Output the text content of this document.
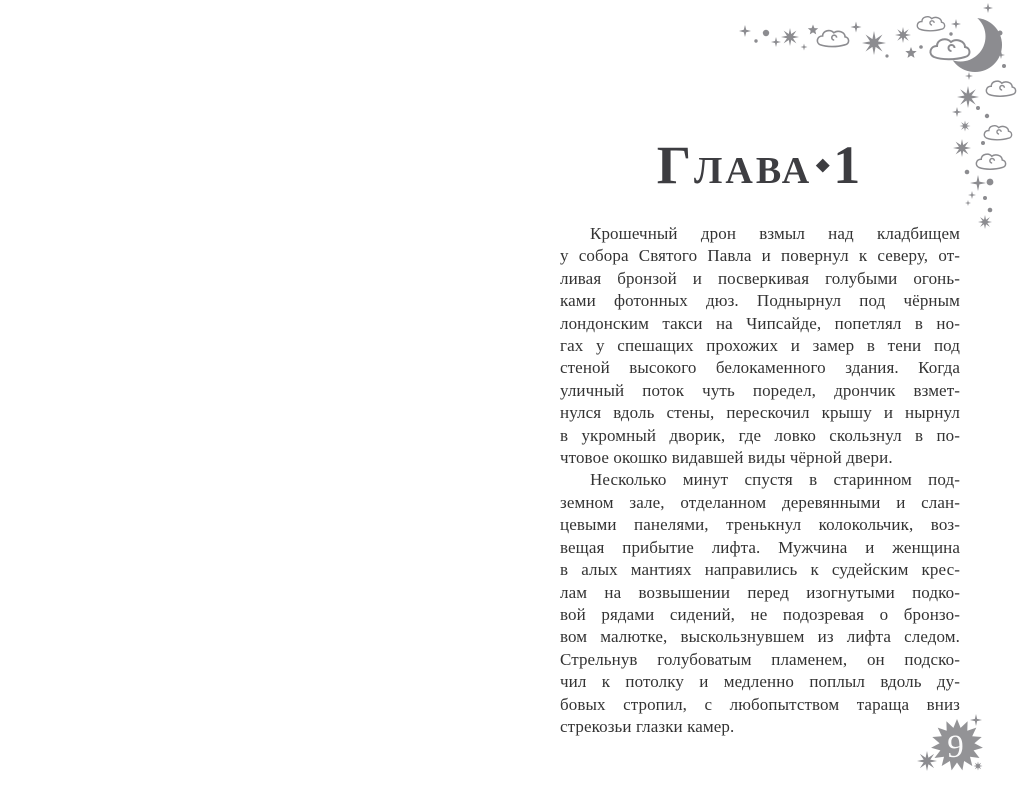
Глава ◆1
Крошечный дрон взмыл над кладбищем
у собора Святого Павла и повернул к северу, от-
ливая бронзой и посверкивая голубыми огонь-
ками фотонных дюз. Поднырнул под чёрным
лондонским такси на Чипсайде, попетлял в но-
гах у спешащих прохожих и замер в тени под
стеной высокого белокаменного здания. Когда
уличный поток чуть поредел, дрончик взмет-
нулся вдоль стены, перескочил крышу и нырнул
в укромный дворик, где ловко скользнул в по-
чтовое окошко видавшей виды чёрной двери.
Несколько минут спустя в старинном под-
земном зале, отделанном деревянными и слан-
цевыми панелями, тренькнул колокольчик, воз-
вещая прибытие лифта. Мужчина и женщина
в алых мантиях направились к судейским крес-
лам на возвышении перед изогнутыми подко-
вой рядами сидений, не подозревая о бронзо-
вом малютке, выскользнувшем из лифта следом.
Стрельнув голубоватым пламенем, он подско-
чил к потолку и медленно поплыл вдоль ду-
бовых стропил, с любопытством тараща вниз
стрекозьи глазки камер.
9
